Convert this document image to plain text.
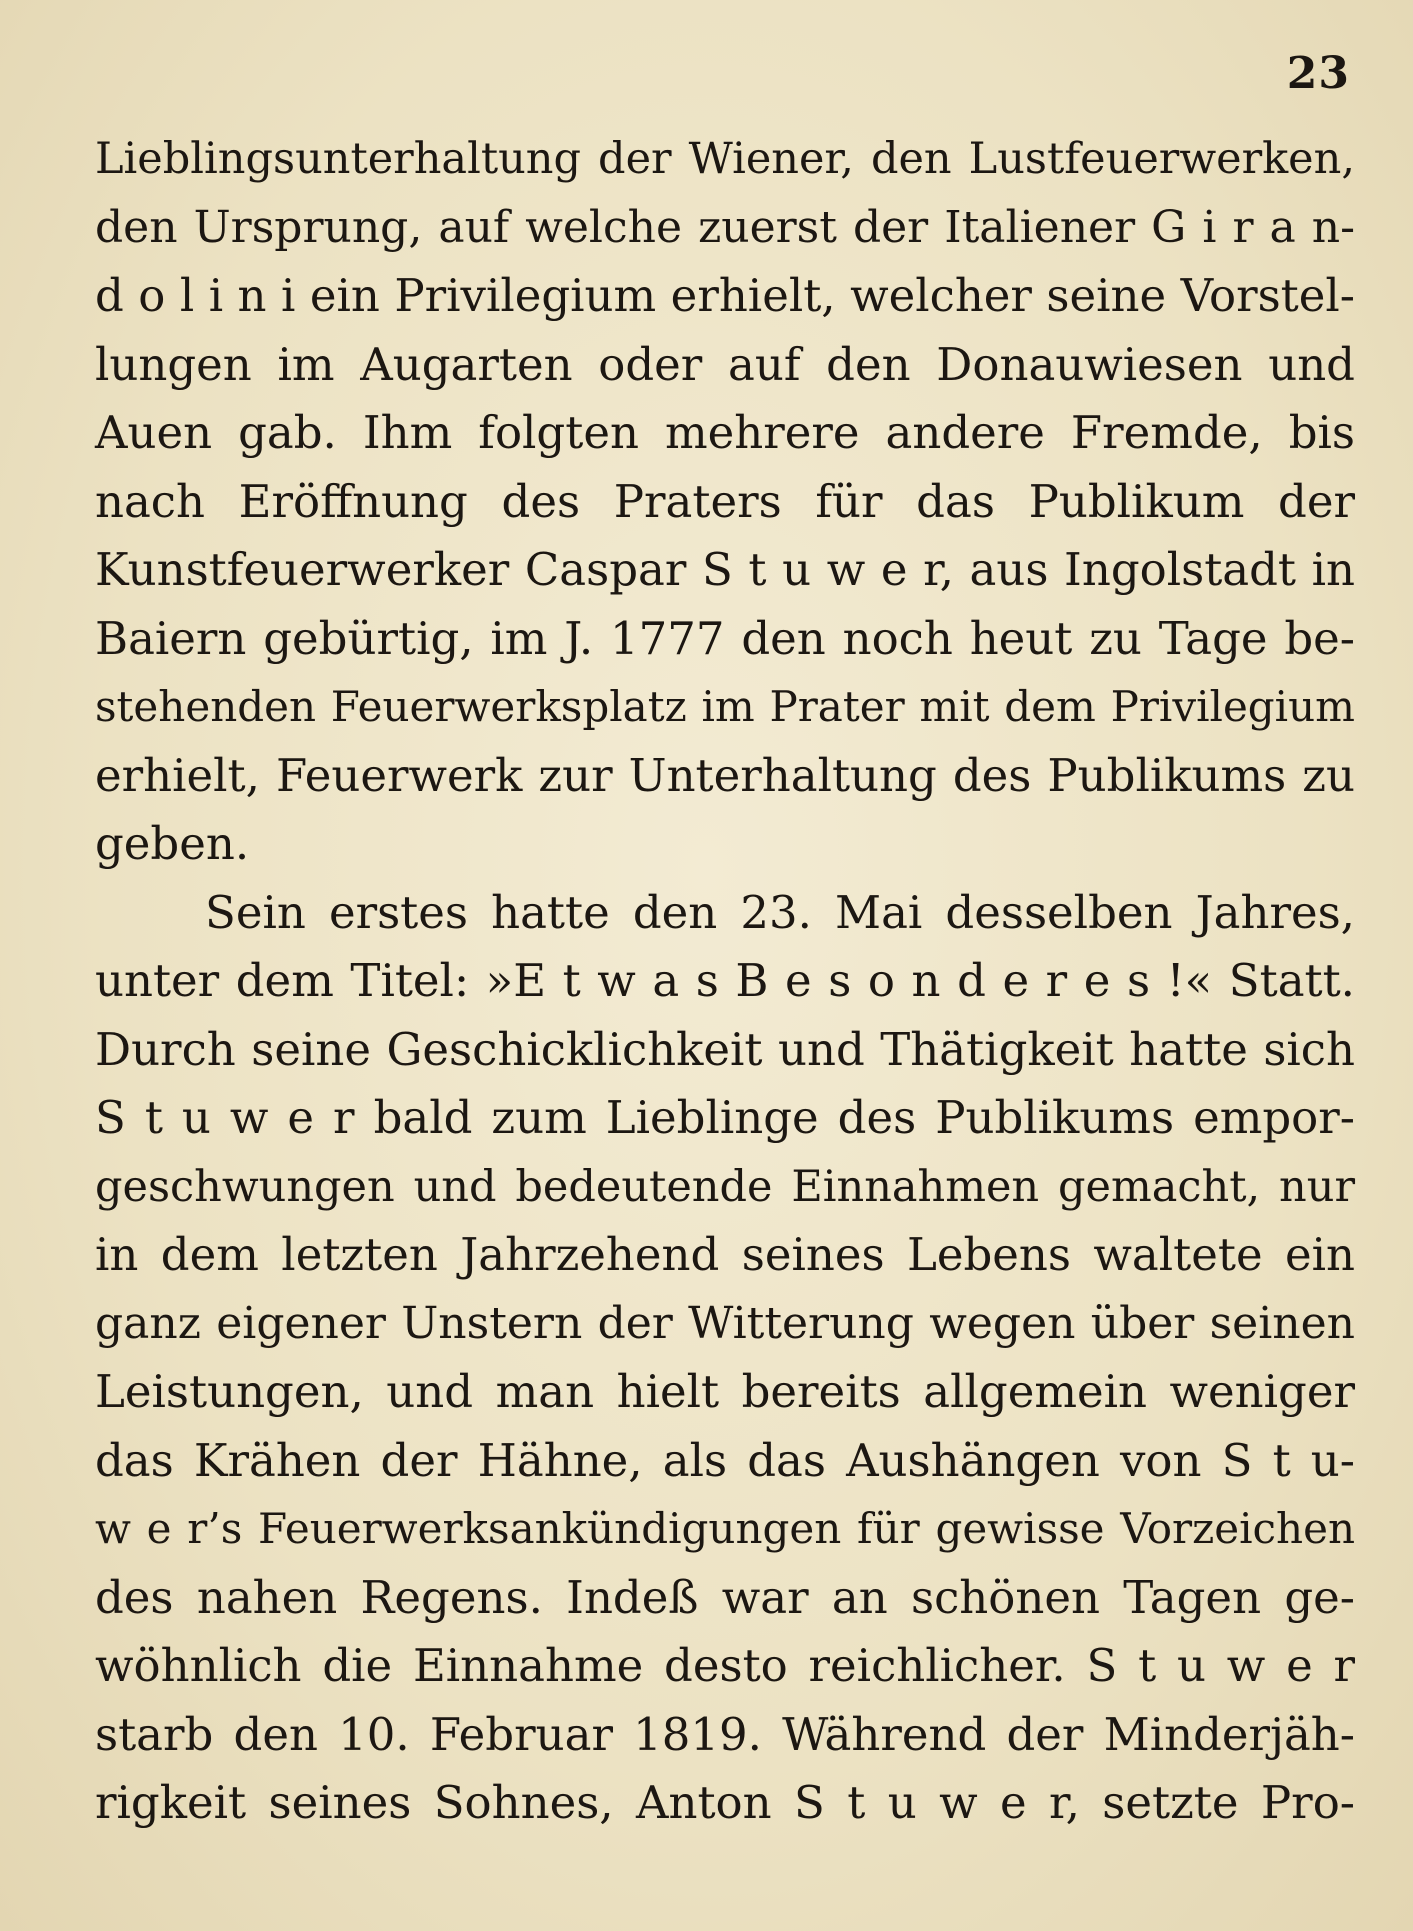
23
Lieblingsunterhaltung der Wiener, den Lustfeuerwerken,
den Ursprung, auf welche zuerst der Italiener G i r a n-
d o l i n i ein Privilegium erhielt, welcher seine Vorstel-
lungen im Augarten oder auf den Donauwiesen und
Auen gab. Ihm folgten mehrere andere Fremde, bis
nach Eröffnung des Praters für das Publikum der
Kunstfeuerwerker Caspar S t u w e r, aus Ingolstadt in
Baiern gebürtig, im J. 1777 den noch heut zu Tage be-
stehenden Feuerwerksplatz im Prater mit dem Privilegium
erhielt, Feuerwerk zur Unterhaltung des Publikums zu
geben.
Sein erstes hatte den 23. Mai desselben Jahres,
unter dem Titel: »E t w a s B e s o n d e r e s !« Statt.
Durch seine Geschicklichkeit und Thätigkeit hatte sich
S t u w e r bald zum Lieblinge des Publikums empor-
geschwungen und bedeutende Einnahmen gemacht, nur
in dem letzten Jahrzehend seines Lebens waltete ein
ganz eigener Unstern der Witterung wegen über seinen
Leistungen, und man hielt bereits allgemein weniger
das Krähen der Hähne, als das Aushängen von S t u-
w e r’s Feuerwerksankündigungen für gewisse Vorzeichen
des nahen Regens. Indeß war an schönen Tagen ge-
wöhnlich die Einnahme desto reichlicher. S t u w e r
starb den 10. Februar 1819. Während der Minderjäh-
rigkeit seines Sohnes, Anton S t u w e r, setzte Pro-
